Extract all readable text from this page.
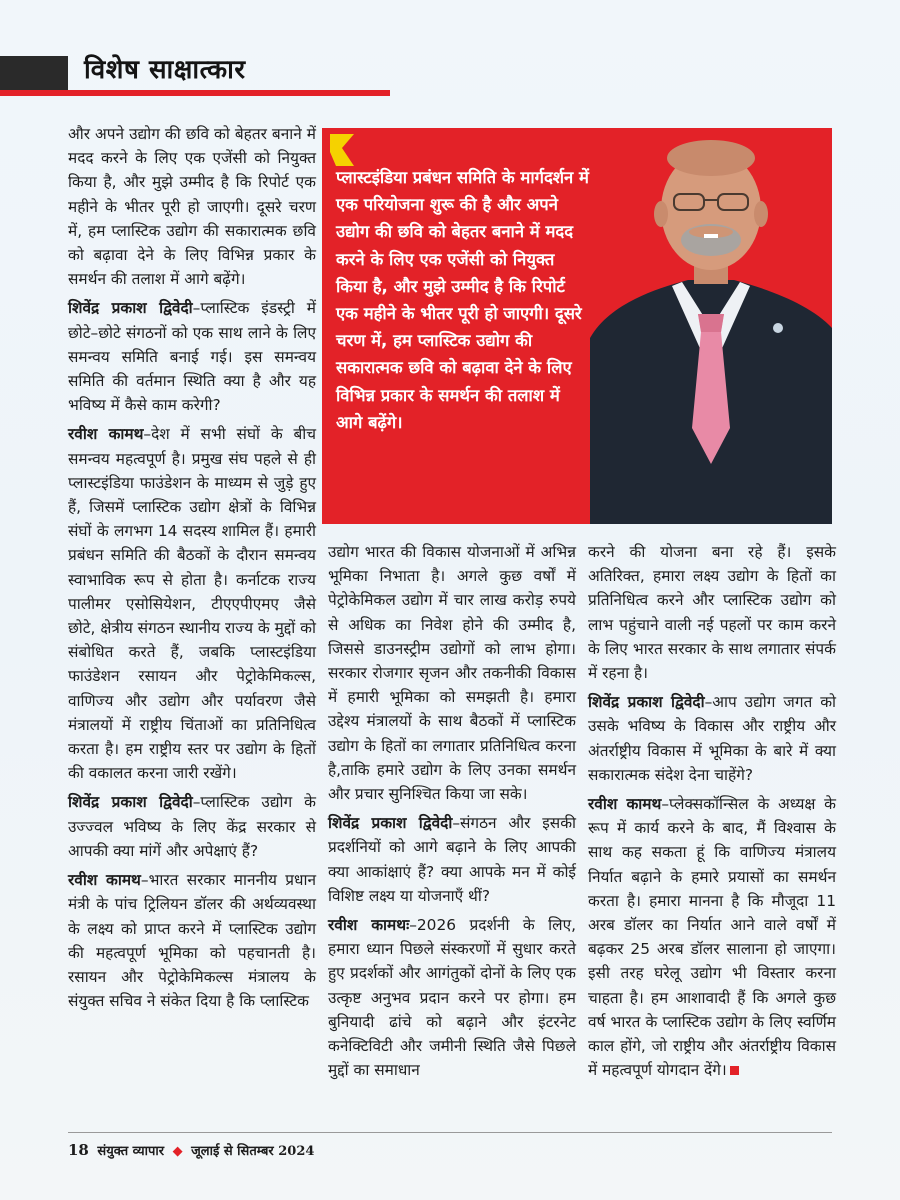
विशेष साक्षात्कार

और अपने उद्योग की छवि को बेहतर बनाने में मदद करने के लिए एक एजेंसी को नियुक्त किया है, और मुझे उम्मीद है कि रिपोर्ट एक महीने के भीतर पूरी हो जाएगी। दूसरे चरण में, हम प्लास्टिक उद्योग की सकारात्मक छवि को बढ़ावा देने के लिए विभिन्न प्रकार के समर्थन की तलाश में आगे बढ़ेंगे।

शिवेंद्र प्रकाश द्विवेदी–प्लास्टिक इंडस्ट्री में छोटे–छोटे संगठनों को एक साथ लाने के लिए समन्वय समिति बनाई गई। इस समन्वय समिति की वर्तमान स्थिति क्या है और यह भविष्य में कैसे काम करेगी?

रवीश कामथ–देश में सभी संघों के बीच समन्वय महत्वपूर्ण है। प्रमुख संघ पहले से ही प्लास्टइंडिया फाउंडेशन के माध्यम से जुड़े हुए हैं, जिसमें प्लास्टिक उद्योग क्षेत्रों के विभिन्न संघों के लगभग 14 सदस्य शामिल हैं। हमारी प्रबंधन समिति की बैठकों के दौरान समन्वय स्वाभाविक रूप से होता है। कर्नाटक राज्य पालीमर एसोसियेशन, टीएएपीएमए जैसे छोटे, क्षेत्रीय संगठन स्थानीय राज्य के मुद्दों को संबोधित करते हैं, जबकि प्लास्टइंडिया फाउंडेशन रसायन और पेट्रोकेमिकल्स, वाणिज्य और उद्योग और पर्यावरण जैसे मंत्रालयों में राष्ट्रीय चिंताओं का प्रतिनिधित्व करता है। हम राष्ट्रीय स्तर पर उद्योग के हितों की वकालत करना जारी रखेंगे।

शिवेंद्र प्रकाश द्विवेदी–प्लास्टिक उद्योग के उज्ज्वल भविष्य के लिए केंद्र सरकार से आपकी क्या मांगें और अपेक्षाएं हैं?

रवीश कामथ–भारत सरकार माननीय प्रधान मंत्री के पांच ट्रिलियन डॉलर की अर्थव्यवस्था के लक्ष्य को प्राप्त करने में प्लास्टिक उद्योग की महत्वपूर्ण भूमिका को पहचानती है। रसायन और पेट्रोकेमिकल्स मंत्रालय के संयुक्त सचिव ने संकेत दिया है कि प्लास्टिक

प्लास्टइंडिया प्रबंधन समिति के मार्गदर्शन में एक परियोजना शुरू की है और अपने उद्योग की छवि को बेहतर बनाने में मदद करने के लिए एक एजेंसी को नियुक्त किया है, और मुझे उम्मीद है कि रिपोर्ट एक महीने के भीतर पूरी हो जाएगी। दूसरे चरण में, हम प्लास्टिक उद्योग की सकारात्मक छवि को बढ़ावा देने के लिए विभिन्न प्रकार के समर्थन की तलाश में आगे बढ़ेंगे।

उद्योग भारत की विकास योजनाओं में अभिन्न भूमिका निभाता है। अगले कुछ वर्षों में पेट्रोकेमिकल उद्योग में चार लाख करोड़ रुपये से अधिक का निवेश होने की उम्मीद है, जिससे डाउनस्ट्रीम उद्योगों को लाभ होगा। सरकार रोजगार सृजन और तकनीकी विकास में हमारी भूमिका को समझती है। हमारा उद्देश्य मंत्रालयों के साथ बैठकों में प्लास्टिक उद्योग के हितों का लगातार प्रतिनिधित्व करना है,ताकि हमारे उद्योग के लिए उनका समर्थन और प्रचार सुनिश्चित किया जा सके।

शिवेंद्र प्रकाश द्विवेदी–संगठन और इसकी प्रदर्शनियों को आगे बढ़ाने के लिए आपकी क्या आकांक्षाएं हैं? क्या आपके मन में कोई विशिष्ट लक्ष्य या योजनाएँ थीं?

रवीश कामथः–2026 प्रदर्शनी के लिए, हमारा ध्यान पिछले संस्करणों में सुधार करते हुए प्रदर्शकों और आगंतुकों दोनों के लिए एक उत्कृष्ट अनुभव प्रदान करने पर होगा। हम बुनियादी ढांचे को बढ़ाने और इंटरनेट कनेक्टिविटी और जमीनी स्थिति जैसे पिछले मुद्दों का समाधान

करने की योजना बना रहे हैं। इसके अतिरिक्त, हमारा लक्ष्य उद्योग के हितों का प्रतिनिधित्व करने और प्लास्टिक उद्योग को लाभ पहुंचाने वाली नई पहलों पर काम करने के लिए भारत सरकार के साथ लगातार संपर्क में रहना है।

शिवेंद्र प्रकाश द्विवेदी–आप उद्योग जगत को उसके भविष्य के विकास और राष्ट्रीय और अंतर्राष्ट्रीय विकास में भूमिका के बारे में क्या सकारात्मक संदेश देना चाहेंगे?

रवीश कामथ–प्लेक्सकॉन्सिल के अध्यक्ष के रूप में कार्य करने के बाद, मैं विश्वास के साथ कह सकता हूं कि वाणिज्य मंत्रालय निर्यात बढ़ाने के हमारे प्रयासों का समर्थन करता है। हमारा मानना है कि मौजूदा 11 अरब डॉलर का निर्यात आने वाले वर्षों में बढ़कर 25 अरब डॉलर सालाना हो जाएगा। इसी तरह घरेलू उद्योग भी विस्तार करना चाहता है। हम आशावादी हैं कि अगले कुछ वर्ष भारत के प्लास्टिक उद्योग के लिए स्वर्णिम काल होंगे, जो राष्ट्रीय और अंतर्राष्ट्रीय विकास में महत्वपूर्ण योगदान देंगे।

18 संयुक्त व्यापार ◆ जूलाई से सितम्बर 2024
